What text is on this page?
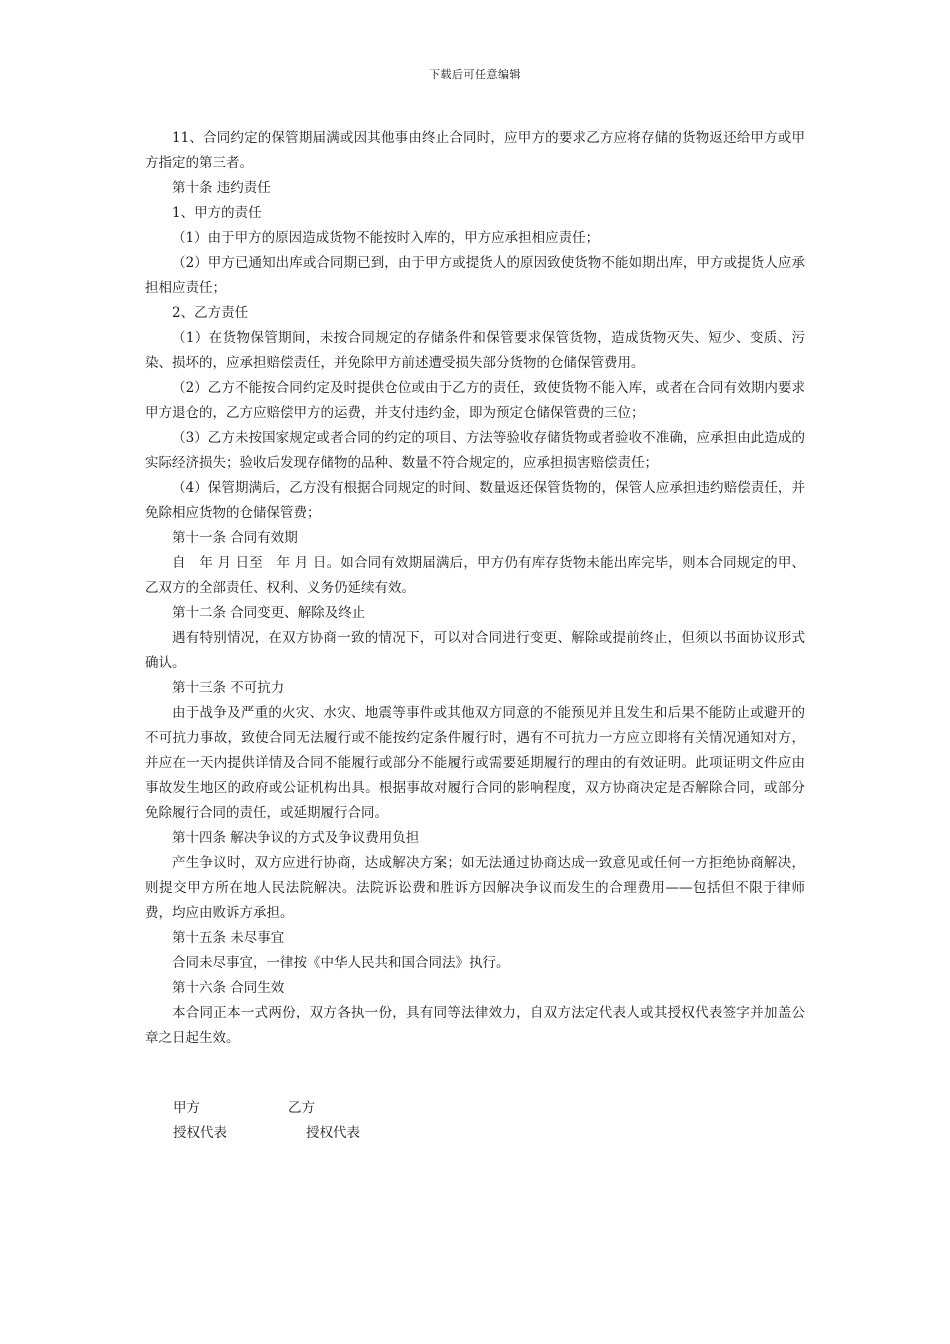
下载后可任意编辑

11、合同约定的保管期届满或因其他事由终止合同时，应甲方的要求乙方应将存储的货物返还给甲方或甲方指定的第三者。

第十条 违约责任

1、甲方的责任

（1）由于甲方的原因造成货物不能按时入库的，甲方应承担相应责任；

（2）甲方已通知出库或合同期已到，由于甲方或提货人的原因致使货物不能如期出库，甲方或提货人应承担相应责任；

2、乙方责任

（1）在货物保管期间，未按合同规定的存储条件和保管要求保管货物，造成货物灭失、短少、变质、污染、损坏的，应承担赔偿责任，并免除甲方前述遭受损失部分货物的仓储保管费用。

（2）乙方不能按合同约定及时提供仓位或由于乙方的责任，致使货物不能入库，或者在合同有效期内要求甲方退仓的，乙方应赔偿甲方的运费，并支付违约金，即为预定仓储保管费的三位；

（3）乙方未按国家规定或者合同的约定的项目、方法等验收存储货物或者验收不准确，应承担由此造成的实际经济损失；验收后发现存储物的品种、数量不符合规定的，应承担损害赔偿责任；

（4）保管期满后，乙方没有根据合同规定的时间、数量返还保管货物的，保管人应承担违约赔偿责任，并免除相应货物的仓储保管费；

第十一条 合同有效期

自　年 月 日至　年 月 日。如合同有效期届满后，甲方仍有库存货物未能出库完毕，则本合同规定的甲、乙双方的全部责任、权利、义务仍延续有效。

第十二条 合同变更、解除及终止

遇有特别情况，在双方协商一致的情况下，可以对合同进行变更、解除或提前终止，但须以书面协议形式确认。

第十三条 不可抗力

由于战争及严重的火灾、水灾、地震等事件或其他双方同意的不能预见并且发生和后果不能防止或避开的不可抗力事故，致使合同无法履行或不能按约定条件履行时，遇有不可抗力一方应立即将有关情况通知对方，并应在一天内提供详情及合同不能履行或部分不能履行或需要延期履行的理由的有效证明。此项证明文件应由事故发生地区的政府或公证机构出具。根据事故对履行合同的影响程度，双方协商决定是否解除合同，或部分免除履行合同的责任，或延期履行合同。

第十四条 解决争议的方式及争议费用负担

产生争议时，双方应进行协商，达成解决方案；如无法通过协商达成一致意见或任何一方拒绝协商解决，则提交甲方所在地人民法院解决。法院诉讼费和胜诉方因解决争议而发生的合理费用——包括但不限于律师费，均应由败诉方承担。

第十五条 未尽事宜

合同未尽事宜，一律按《中华人民共和国合同法》执行。

第十六条 合同生效

本合同正本一式两份，双方各执一份，具有同等法律效力，自双方法定代表人或其授权代表签字并加盖公章之日起生效。

甲方	乙方
授权代表	授权代表
